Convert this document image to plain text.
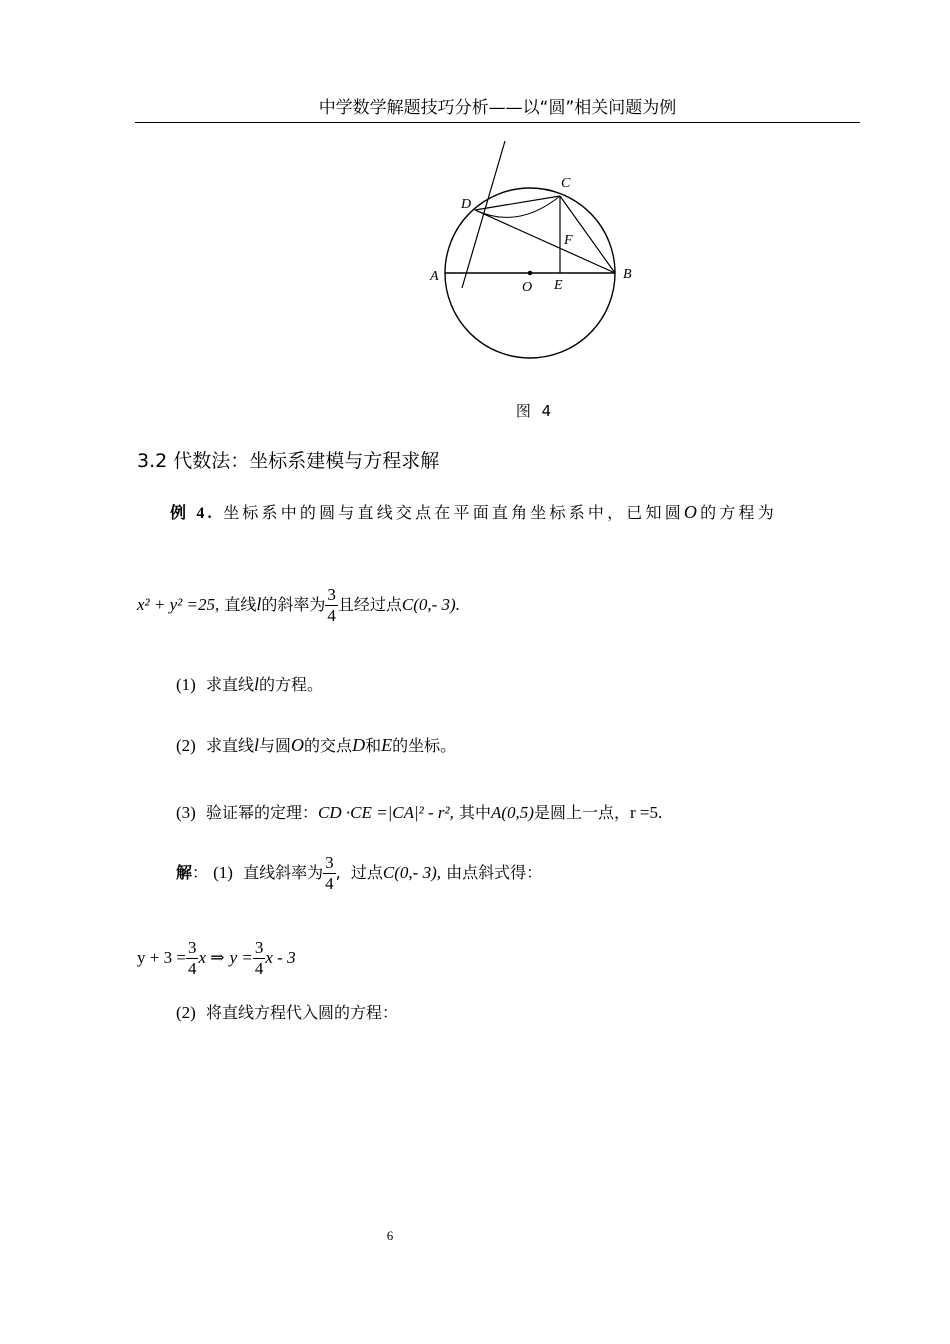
中学数学解题技巧分析——以“圆”相关问题为例
A	B
C
D
E
F
O
图 4
3.2 代数法：坐标系建模与方程求解
例 4. 坐标系中的圆与直线交点在平面直角坐标系中，已知圆O的方程为
x² + y² =25, 直线l的斜率为 $\frac{3}{4}$ 且经过点C(0,- 3).
(1) 求直线l的方程。
(2) 求直线l与圆O的交点D和E的坐标。
(3) 验证幂的定理：CD ·CE =|CA|² - r², 其中A(0,5)是圆上一点，r =5.
解： (1) 直线斜率为 $\frac{3}{4}$ , 过点C(0,- 3), 由点斜式得：
$y + 3 = \frac{3}{4}$ x ⇒ $y = \frac{3}{4}$ x - 3
(2) 将直线方程代入圆的方程：
6
